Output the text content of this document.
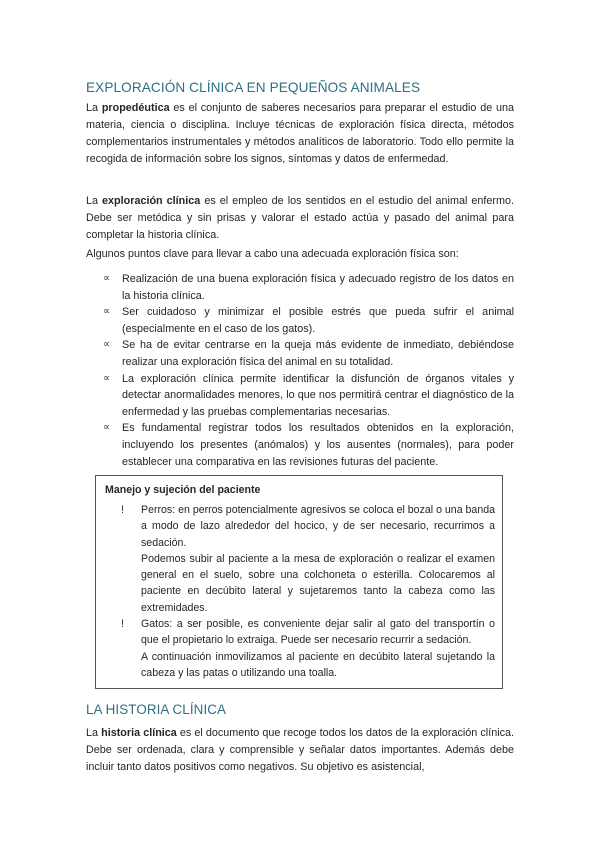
EXPLORACIÓN CLÍNICA EN PEQUEÑOS ANIMALES

La propedéutica es el conjunto de saberes necesarios para preparar el estudio de una materia, ciencia o disciplina. Incluye técnicas de exploración física directa, métodos complementarios instrumentales y métodos analíticos de laboratorio. Todo ello permite la recogida de información sobre los signos, síntomas y datos de enfermedad.

La exploración clínica es el empleo de los sentidos en el estudio del animal enfermo. Debe ser metódica y sin prisas y valorar el estado actúa y pasado del animal para completar la historia clínica.

Algunos puntos clave para llevar a cabo una adecuada exploración física son:

∝ Realización de una buena exploración física y adecuado registro de los datos en la historia clínica.
∝ Ser cuidadoso y minimizar el posible estrés que pueda sufrir el animal (especialmente en el caso de los gatos).
∝ Se ha de evitar centrarse en la queja más evidente de inmediato, debiéndose realizar una exploración física del animal en su totalidad.
∝ La exploración clínica permite identificar la disfunción de órganos vitales y detectar anormalidades menores, lo que nos permitirá centrar el diagnóstico de la enfermedad y las pruebas complementarias necesarias.
∝ Es fundamental registrar todos los resultados obtenidos en la exploración, incluyendo los presentes (anómalos) y los ausentes (normales), para poder establecer una comparativa en las revisiones futuras del paciente.

Manejo y sujeción del paciente

! Perros: en perros potencialmente agresivos se coloca el bozal o una banda a modo de lazo alrededor del hocico, y de ser necesario, recurrimos a sedación.

Podemos subir al paciente a la mesa de exploración o realizar el examen general en el suelo, sobre una colchoneta o esterilla. Colocaremos al paciente en decúbito lateral y sujetaremos tanto la cabeza como las extremidades.

! Gatos: a ser posible, es conveniente dejar salir al gato del transportín o que el propietario lo extraiga. Puede ser necesario recurrir a sedación.

A continuación inmovilizamos al paciente en decúbito lateral sujetando la cabeza y las patas o utilizando una toalla.

LA HISTORIA CLÍNICA

La historia clínica es el documento que recoge todos los datos de la exploración clínica. Debe ser ordenada, clara y comprensible y señalar datos importantes. Además debe incluir tanto datos positivos como negativos. Su objetivo es asistencial,
